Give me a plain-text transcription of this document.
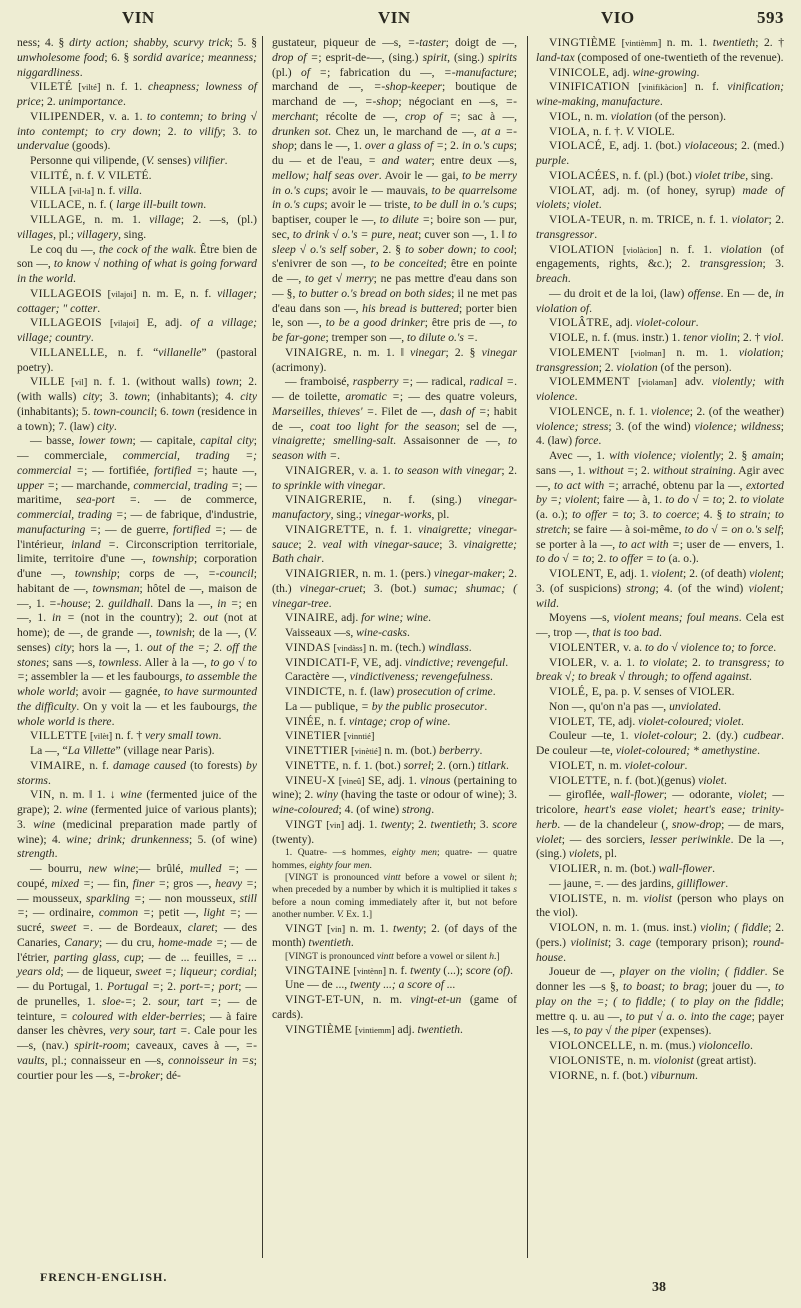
VIN	VIN	VIO	593

ness; 4. § dirty action; shabby, scurvy trick; 5. § unwholesome food; 6. § sordid avarice; meanness; niggardliness.

VILETÉ [ vilté ] n. f. 1. cheapness; lowness of price; 2. unimportance.

VILIPENDER , v. a. 1. to contemn; to bring √ into contempt; to cry down; 2. to vilify; 3. to undervalue (goods).

Personne qui vilipende, (V. senses) vilifier.

VILITÉ , n. f. V. VILETÉ.

VILLA [ vil-la ] n. f. villa.

VILLACE , n. f. ( large ill-built town.

VILLAGE , n. m. 1. village; 2. —s, (pl.) villages, pl.; villagery, sing.

Le coq du —, the cock of the walk. Être bien de son —, to know √ nothing of what is going forward in the world.

VILLAGEOIS [ vilajoi ] n. m. E, n. f. villager; cottager; " cotter.

VILLAGEOIS [ vilajoi ] E, adj. of a village; village; country.

VILLANELLE , n. f. “villanelle” (pastoral poetry).

VILLE [ vil ] n. f. 1. (without walls) town; 2. (with walls) city; 3. town; (inhabitants); 4. city (inhabitants); 5. town-council; 6. town (residence in a town); 7. (law) city.

— basse, lower town; — capitale, capital city; — commerciale, commercial, trading =; commercial =; — fortifiée, fortified =; haute —, upper =; — marchande, commercial, trading =; — maritime, sea-port =. — de commerce, commercial, trading =; — de fabrique, d'industrie, manufacturing =; — de guerre, fortified =; — de l'intérieur, inland =. Circonscription territoriale, limite, territoire d'une —, township; corporation d'une —, township; corps de —, =-council; habitant de —, townsman; hôtel de —, maison de —, 1. =-house; 2. guildhall. Dans la —, in =; en —, 1. in = (not in the country); 2. out (not at home); de —, de grande —, townish; de la —, (V. senses) city; hors la —, 1. out of the =; 2. off the stones; sans —s, townless. Aller à la —, to go √ to =; assembler la — et les faubourgs, to assemble the whole world; avoir — gagnée, to have surmounted the difficulty. On y voit la — et les faubourgs, the whole world is there.

VILLETTE [ vilèt ] n. f. † very small town.

La —, “La Villette” (village near Paris).

VIMAIRE , n. f. damage caused (to forests) by storms.

VIN , n. m. ‖ 1. ↓ wine (fermented juice of the grape); 2. wine (fermented juice of various plants); 3. wine (medicinal preparation made partly of wine); 4. wine; drink; drunkenness; 5. (of wine) strength.

— bourru, new wine;— brûlé, mulled =; — coupé, mixed =; — fin, finer =; gros —, heavy =; — mousseux, sparkling =; — non mousseux, still =; — ordinaire, common =; petit —, light =; — sucré, sweet =. — de Bordeaux, claret; — des Canaries, Canary; — du cru, home-made =; — de l'étrier, parting glass, cup; — de ... feuilles, = ... years old; — de liqueur, sweet =; liqueur; cordial; — du Portugal, 1. Portugal =; 2. port-=; port; — de prunelles, 1. sloe-=; 2. sour, tart =; — de teinture, = coloured with elder-berries; — à faire danser les chèvres, very sour, tart =. Cale pour les —s, (nav.) spirit-room; caveaux, caves à —, =-vaults, pl.; connaisseur en —s, connoisseur in =s; courtier pour les —s, =-broker; dé-

gustateur, piqueur de —s, =-taster; doigt de —, drop of =; esprit-de-—, (sing.) spirit, (sing.) spirits (pl.) of =; fabrication du —, =-manufacture; marchand de —, =-shop-keeper; boutique de marchand de —, =-shop; négociant en —s, =-merchant; récolte de —, crop of =; sac à —, drunken sot. Chez un, le marchand de —, at a =-shop; dans le —, 1. over a glass of =; 2. in o.'s cups; du — et de l'eau, = and water; entre deux —s, mellow; half seas over. Avoir le — gai, to be merry in o.'s cups; avoir le — mauvais, to be quarrelsome in o.'s cups; avoir le — triste, to be dull in o.'s cups; baptiser, couper le —, to dilute =; boire son — pur, sec, to drink √ o.'s = pure, neat; cuver son —, 1. ‖ to sleep √ o.'s self sober, 2. § to sober down; to cool; s'enivrer de son —, to be conceited; être en pointe de —, to get √ merry; ne pas mettre d'eau dans son — §, to butter o.'s bread on both sides; il ne met pas d'eau dans son —, his bread is buttered; porter bien le, son —, to be a good drinker; être pris de —, to be far-gone; tremper son —, to dilute o.'s =.

VINAIGRE , n. m. 1. ‖ vinegar; 2. § vinegar (acrimony).

— framboisé, raspberry =; — radical, radical =. — de toilette, aromatic =; — des quatre voleurs, Marseilles, thieves' =. Filet de —, dash of =; habit de —, coat too light for the season; sel de —, vinaigrette; smelling-salt. Assaisonner de —, to season with =.

VINAIGRER , v. a. 1. to season with vinegar; 2. to sprinkle with vinegar.

VINAIGRERIE , n. f. (sing.) vinegar-manufactory, sing.; vinegar-works, pl.

VINAIGRETTE , n. f. 1. vinaigrette; vinegar-sauce; 2. veal with vinegar-sauce; 3. vinaigrette; Bath chair.

VINAIGRIER , n. m. 1. (pers.) vinegar-maker; 2. (th.) vinegar-cruet; 3. (bot.) sumac; shumac; ( vinegar-tree.

VINAIRE , adj. for wine; wine.

Vaisseaux —s, wine-casks.

VINDAS [ vindàss ] n. m. (tech.) windlass.

VINDICATI-F, VE , adj. vindictive; revengeful.

Caractère —, vindictiveness; revengefulness.

VINDICTE , n. f. (law) prosecution of crime.

La — publique, = by the public prosecutor.

VINÉE , n. f. vintage; crop of wine.

VINETIER [ vinntié ]

VINETTIER [ vinètié ] n. m. (bot.) berberry.

VINETTE , n. f. 1. (bot.) sorrel; 2. (orn.) titlark.

VINEU-X [ vineû ] SE, adj. 1. vinous (pertaining to wine); 2. winy (having the taste or odour of wine); 3. wine-coloured; 4. (of wine) strong.

VINGT [ vin ] adj. 1. twenty; 2. twentieth; 3. score (twenty).

1. Quatre- —s hommes, eighty men; quatre- — quatre hommes, eighty four men.

[VINGT is pronounced vintt before a vowel or silent h; when preceded by a number by which it is multiplied it takes s before a noun coming immediately after it, but not before another number. V. Ex. 1.]

VINGT [ vin ] n. m. 1. twenty; 2. (of days of the month) twentieth.

[VINGT is pronounced vintt before a vowel or silent h.]

VINGTAINE [ vintènn ] n. f. twenty (...); score (of).

Une — de ..., twenty ...; a score of ...

VINGT-ET-UN , n. m. vingt-et-un (game of cards).

VINGTIÈME [ vintiemm ] adj. twentieth.

VINGTIÈME [ vintièmm ] n. m. 1. twentieth; 2. † land-tax (composed of one-twentieth of the revenue).

VINICOLE , adj. wine-growing.

VINIFICATION [ vinifikàcion ] n. f. vinification; wine-making, manufacture.

VIOL , n. m. violation (of the person).

VIOLA , n. f. †. V. VIOLE.

VIOLACÉ , E, adj. 1. (bot.) violaceous; 2. (med.) purple.

VIOLACÉES , n. f. (pl.) (bot.) violet tribe, sing.

VIOLAT , adj. m. (of honey, syrup) made of violets; violet.

VIOLA-TEUR , n. m. TRICE, n. f. 1. violator; 2. transgressor.

VIOLATION [ violàcion ] n. f. 1. violation (of engagements, rights, &c.); 2. transgression; 3. breach.

— du droit et de la loi, (law) offense. En — de, in violation of.

VIOLÂTRE , adj. violet-colour.

VIOLE , n. f. (mus. instr.) 1. tenor violin; 2. † viol.

VIOLEMENT [ violman ] n. m. 1. violation; transgression; 2. violation (of the person).

VIOLEMMENT [ violaman ] adv. violently; with violence.

VIOLENCE , n. f. 1. violence; 2. (of the weather) violence; stress; 3. (of the wind) violence; wildness; 4. (law) force.

Avec —, 1. with violence; violently; 2. § amain; sans —, 1. without =; 2. without straining. Agir avec —, to act with =; arraché, obtenu par la —, extorted by =; violent; faire — à, 1. to do √ = to; 2. to violate (a. o.); to offer = to; 3. to coerce; 4. § to strain; to stretch; se faire — à soi-même, to do √ = on o.'s self; se porter à la —, to act with =; user de — envers, 1. to do √ = to; 2. to offer = to (a. o.).

VIOLENT , E, adj. 1. violent; 2. (of death) violent; 3. (of suspicions) strong; 4. (of the wind) violent; wild.

Moyens —s, violent means; foul means. Cela est —, trop —, that is too bad.

VIOLENTER , v. a. to do √ violence to; to force.

VIOLER , v. a. 1. to violate; 2. to transgress; to break √; to break √ through; to offend against.

VIOLÉ , E, pa. p. V. senses of VIOLER.

Non —, qu'on n'a pas —, unviolated.

VIOLET , TE, adj. violet-coloured; violet.

Couleur —te, 1. violet-colour; 2. (dy.) cudbear. De couleur —te, violet-coloured; * amethystine.

VIOLET , n. m. violet-colour.

VIOLETTE , n. f. (bot.)(genus) violet.

— giroflée, wall-flower; — odorante, violet; — tricolore, heart's ease violet; heart's ease; trinity-herb. — de la chandeleur (, snow-drop; — de mars, violet; — des sorciers, lesser periwinkle. De la —, (sing.) violets, pl.

VIOLIER , n. m. (bot.) wall-flower.

— jaune, =. — des jardins, gilliflower.

VIOLISTE , n. m. violist (person who plays on the viol).

VIOLON , n. m. 1. (mus. inst.) violin; ( fiddle; 2. (pers.) violinist; 3. cage (temporary prison); round-house.

Joueur de —, player on the violin; ( fiddler. Se donner les —s §, to boast; to brag; jouer du —, to play on the =; ( to fiddle; ( to play on the fiddle; mettre q. u. au —, to put √ a. o. into the cage; payer les —s, to pay √ the piper (expenses).

VIOLONCELLE , n. m. (mus.) violoncello.

VIOLONISTE , n. m. violonist (great artist).

VIORNE , n. f. (bot.) viburnum.

FRENCH-ENGLISH.
38
